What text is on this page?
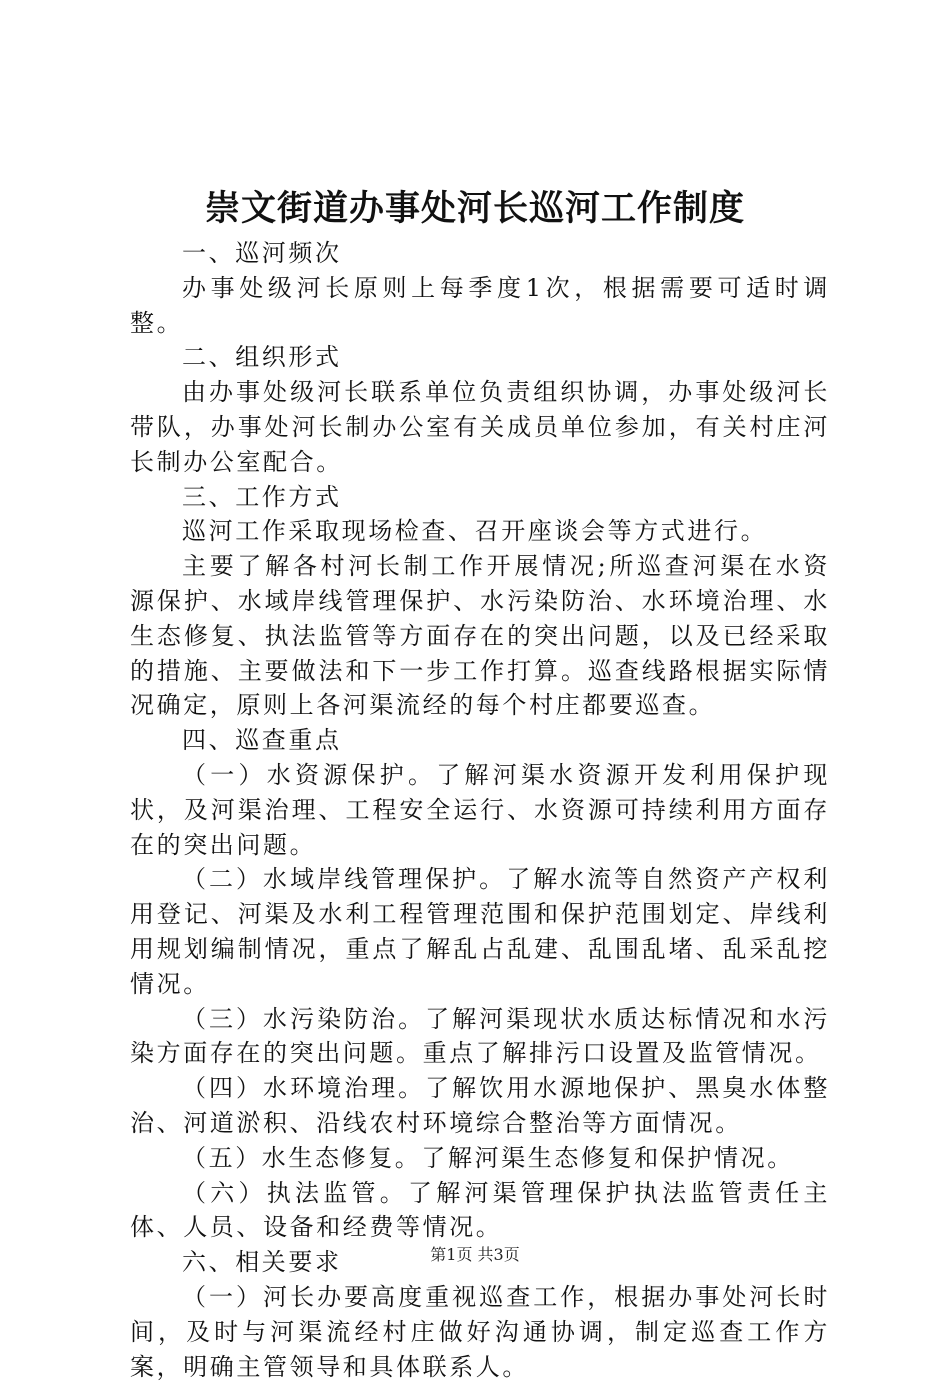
崇文街道办事处河长巡河工作制度

一、巡河频次

办事处级河长原则上每季度1次，根据需要可适时调整。

二、组织形式

由办事处级河长联系单位负责组织协调，办事处级河长带队，办事处河长制办公室有关成员单位参加，有关村庄河长制办公室配合。

三、工作方式

巡河工作采取现场检查、召开座谈会等方式进行。

主要了解各村河长制工作开展情况;所巡查河渠在水资源保护、水域岸线管理保护、水污染防治、水环境治理、水生态修复、执法监管等方面存在的突出问题，以及已经采取的措施、主要做法和下一步工作打算。巡查线路根据实际情况确定，原则上各河渠流经的每个村庄都要巡查。

四、巡查重点

（一）水资源保护。了解河渠水资源开发利用保护现状，及河渠治理、工程安全运行、水资源可持续利用方面存在的突出问题。

（二）水域岸线管理保护。了解水流等自然资产产权利用登记、河渠及水利工程管理范围和保护范围划定、岸线利用规划编制情况，重点了解乱占乱建、乱围乱堵、乱采乱挖情况。

（三）水污染防治。了解河渠现状水质达标情况和水污染方面存在的突出问题。重点了解排污口设置及监管情况。

（四）水环境治理。了解饮用水源地保护、黑臭水体整治、河道淤积、沿线农村环境综合整治等方面情况。

（五）水生态修复。了解河渠生态修复和保护情况。

（六）执法监管。了解河渠管理保护执法监管责任主体、人员、设备和经费等情况。

六、相关要求

（一）河长办要高度重视巡查工作，根据办事处河长时间，及时与河渠流经村庄做好沟通协调，制定巡查工作方案，明确主管领导和具体联系人。

第1页 共3页
